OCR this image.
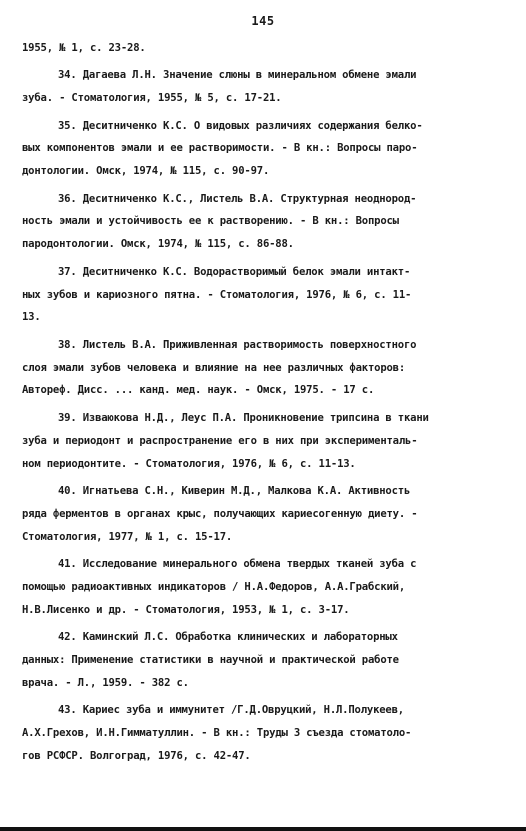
145
1955, № 1, с. 23-28.
34. Дагаева Л.Н. Значение слюны в минеральном обмене эмали
зуба. - Стоматология, 1955, № 5, с. 17-21.
35. Деситниченко К.С. О видовых различиях содержания белко-
вых компонентов эмали и ее растворимости. - В кн.: Вопросы паро-
донтологии. Омск, 1974, № 115, с. 90-97.
36. Деситниченко К.С., Листель В.А. Структурная неоднород-
ность эмали и устойчивость ее к растворению. - В кн.: Вопросы
пародонтологии. Омск, 1974, № 115, с. 86-88.
37. Деситниченко К.С. Водорастворимый белок эмали интакт-
ных зубов и кариозного пятна. - Стоматология, 1976, № 6, с. 11-
13.
38. Листель В.А. Приживленная растворимость поверхностного
слоя эмали зубов человека и влияние на нее различных факторов:
Автореф. Дисс. ... канд. мед. наук. - Омск, 1975. - 17 с.
39. Изваюкова Н.Д., Леус П.А. Проникновение трипсина в ткани
зуба и периодонт и распространение его в них при эксперименталь-
ном периодонтите. - Стоматология, 1976, № 6, с. 11-13.
40. Игнатьева С.Н., Киверин М.Д., Малкова К.А. Активность
ряда ферментов в органах крыс, получающих кариесогенную диету. -
Стоматология, 1977, № 1, с. 15-17.
41. Исследование минерального обмена твердых тканей зуба с
помощью радиоактивных индикаторов / Н.А.Федоров, А.А.Грабский,
Н.В.Лисенко и др. - Стоматология, 1953, № 1, с. 3-17.
42. Каминский Л.С. Обработка клинических и лабораторных
данных: Применение статистики в научной и практической работе
врача. - Л., 1959. - 382 с.
43. Кариес зуба и иммунитет /Г.Д.Овруцкий, Н.Л.Полукеев,
А.Х.Грехов, И.Н.Гимматуллин. - В кн.: Труды 3 съезда стоматоло-
гов РСФСР. Волгоград, 1976, с. 42-47.
